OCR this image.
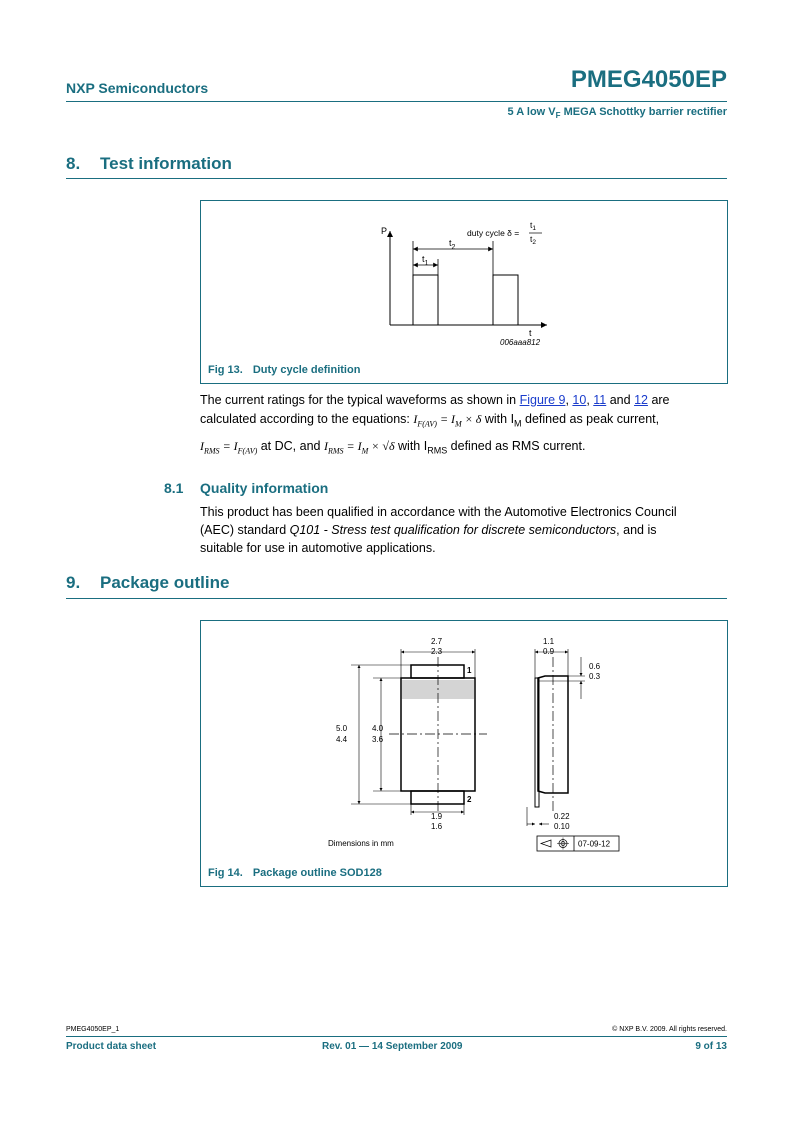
NXP Semiconductors	PMEG4050EP
5 A low $V_F$ MEGA Schottky barrier rectifier
8. Test information
P
t
$t_2$
$t_1$
duty cycle δ =
$t_1$
$t_2$
006aaa812
Fig 13. Duty cycle definition
The current ratings for the typical waveforms as shown in Figure 9, 10, 11 and 12 are
calculated according to the equations: $I_{F(AV)} = I_M \times \delta$ with $I_M$ defined as peak current,
$I_{RMS} = I_{F(AV)}$ at DC, and $I_{RMS} = I_M \times √\delta$ with $I_{RMS}$ defined as RMS current.
8.1 Quality information
This product has been qualified in accordance with the Automotive Electronics Council
(AEC) standard Q101 - Stress test qualification for discrete semiconductors, and is
suitable for use in automotive applications.
9. Package outline
1
2
2.7
2.3
5.0
4.4
4.0
3.6
1.9
1.6
1.1
0.9
0.6
0.3
0.22
0.10
Dimensions in mm	07-09-12
Fig 14. Package outline SOD128
PMEG4050EP_1	© NXP B.V. 2009. All rights reserved.
Product data sheet	Rev. 01 — 14 September 2009	9 of 13
